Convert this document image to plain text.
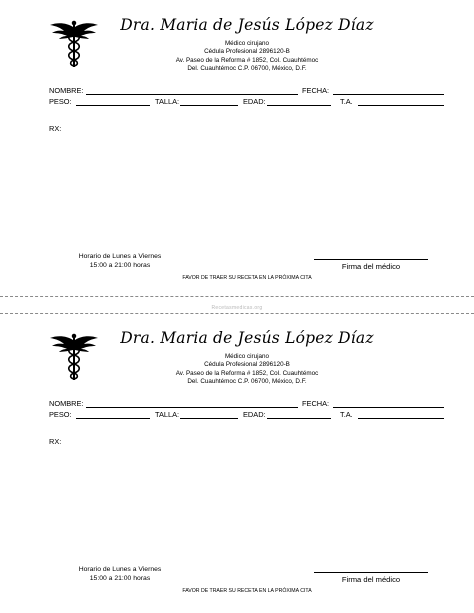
Dra. Maria de Jesús López Díaz
Médico cirujano
Cédula Profesional 2896120-B
Av. Paseo de la Reforma # 1852, Col. Cuauhtémoc
Del. Cuauhtémoc C.P. 06700, México, D.F.
NOMBRE:	FECHA:
PESO:	TALLA:	EDAD:	T.A.
RX:
Horario de Lunes a Viernes
15:00 a 21:00 horas	Firma del médico
FAVOR DE TRAER SU RECETA EN LA PRÓXIMA CITA
Dra. Maria de Jesús López Díaz
Médico cirujano
Cédula Profesional 2896120-B
Av. Paseo de la Reforma # 1852, Col. Cuauhtémoc
Del. Cuauhtémoc C.P. 06700, México, D.F.
NOMBRE:	FECHA:
PESO:	TALLA:	EDAD:	T.A.
RX:
Horario de Lunes a Viernes
15:00 a 21:00 horas	Firma del médico
FAVOR DE TRAER SU RECETA EN LA PRÓXIMA CITA
Recetasmedicas.org
